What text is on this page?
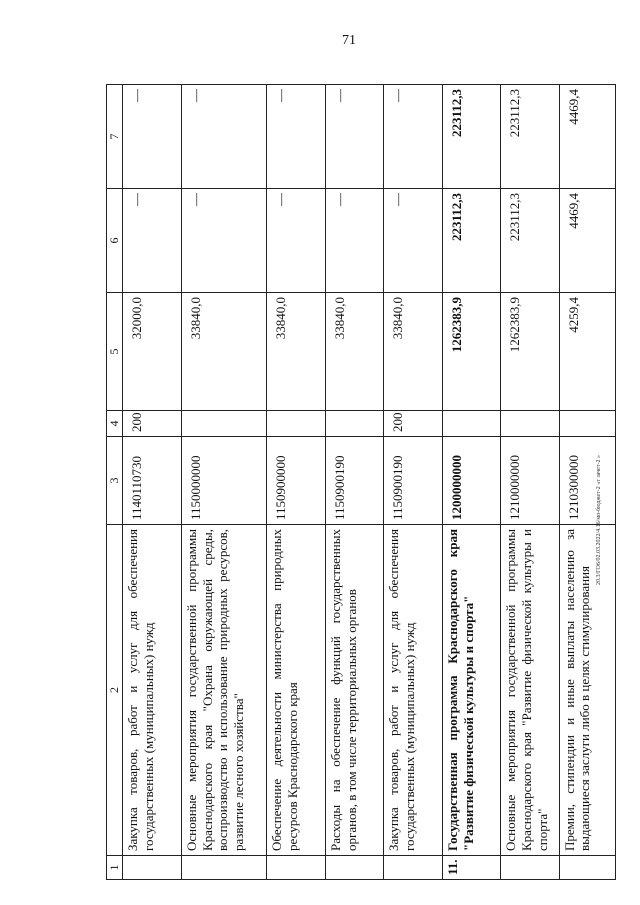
71
20.3/ГО6/02.03.2022/4.16/мо-бюджет-2 «т зачет-2 »
1	2	3	4	5	6	7
	Закупка товаров, работ и услуг для обеспечения государственных (муниципальных) нужд	1140110730	200	32000,0	—	—
	Основные мероприятия государственной программы Краснодарского края "Охрана окружающей среды, воспроизводство и использование природных ресурсов, развитие лесного хозяйства"	1150000000		33840,0	—	—
	Обеспечение деятельности министерства природных ресурсов Краснодарского края	1150900000		33840,0	—	—
	Расходы на обеспечение функций государственных органов, в том числе территориальных органов	1150900190		33840,0	—	—
	Закупка товаров, работ и услуг для обеспечения государственных (муниципальных) нужд	1150900190	200	33840,0	—	—
11.	Государственная программа Краснодарского края "Развитие физической культуры и спорта"	1200000000		1262383,9	223112,3	223112,3
	Основные мероприятия государственной программы Краснодарского края "Развитие физической культуры и спорта"	1210000000		1262383,9	223112,3	223112,3
	Премии, стипендии и иные выплаты населению за выдающиеся заслуги либо в целях стимулирования	1210300000		4259,4	4469,4	4469,4
